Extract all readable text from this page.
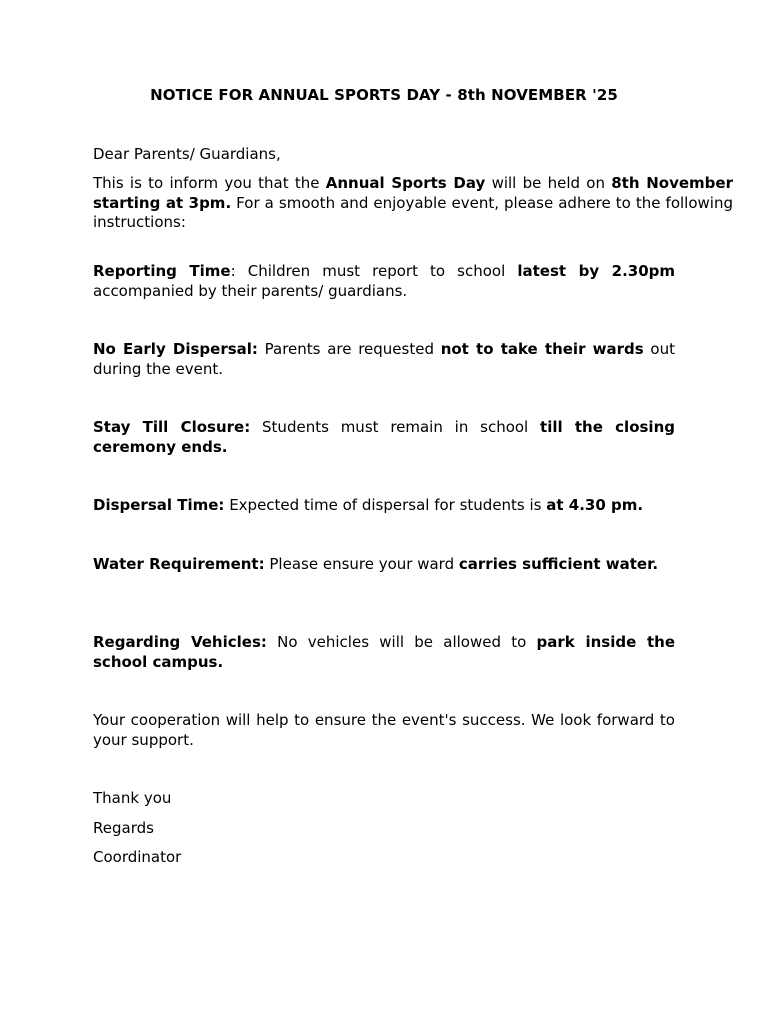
NOTICE FOR ANNUAL SPORTS DAY - 8th NOVEMBER '25

Dear Parents/ Guardians,

This is to inform you that the Annual Sports Day will be held on 8th November starting at 3pm. For a smooth and enjoyable event, please adhere to the following instructions:

Reporting Time: Children must report to school latest by 2.30pm accompanied by their parents/ guardians.

No Early Dispersal: Parents are requested not to take their wards out during the event.

Stay Till Closure: Students must remain in school till the closing ceremony ends.

Dispersal Time: Expected time of dispersal for students is at 4.30 pm.

Water Requirement: Please ensure your ward carries sufficient water.

Regarding Vehicles: No vehicles will be allowed to park inside the school campus.

Your cooperation will help to ensure the event's success. We look forward to your support.

Thank you

Regards

Coordinator
